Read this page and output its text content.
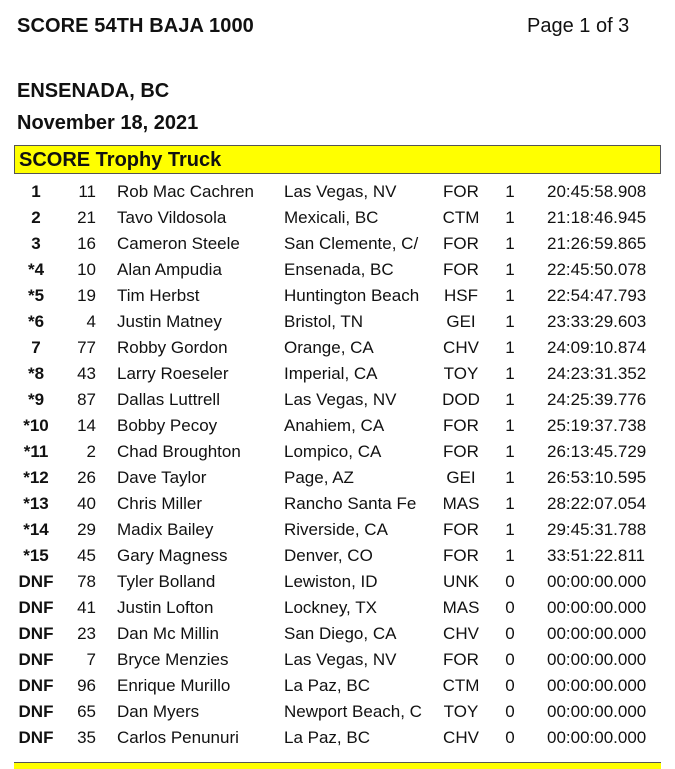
SCORE 54TH BAJA 1000	Page 1 of 3
ENSENADA, BC
November 18, 2021
SCORE Trophy Truck
1	11 Rob Mac Cachren	Las Vegas, NV	FOR	1	20:45:58.908
2	21 Tavo Vildosola	Mexicali, BC	CTM	1	21:18:46.945
3	16 Cameron Steele	San Clemente, C/	FOR	1	21:26:59.865
*4	10 Alan Ampudia	Ensenada, BC	FOR	1	22:45:50.078
*5	19 Tim Herbst	Huntington Beach	HSF	1	22:54:47.793
*6	4 Justin Matney	Bristol, TN	GEI	1	23:33:29.603
7	77 Robby Gordon	Orange, CA	CHV	1	24:09:10.874
*8	43 Larry Roeseler	Imperial, CA	TOY	1	24:23:31.352
*9	87 Dallas Luttrell	Las Vegas, NV	DOD	1	24:25:39.776
*10	14 Bobby Pecoy	Anahiem, CA	FOR	1	25:19:37.738
*11	2 Chad Broughton	Lompico, CA	FOR	1	26:13:45.729
*12	26 Dave Taylor	Page, AZ	GEI	1	26:53:10.595
*13	40 Chris Miller	Rancho Santa Fe	MAS	1	28:22:07.054
*14	29 Madix Bailey	Riverside, CA	FOR	1	29:45:31.788
*15	45 Gary Magness	Denver, CO	FOR	1	33:51:22.811
DNF	78 Tyler Bolland	Lewiston, ID	UNK	0	00:00:00.000
DNF	41 Justin Lofton	Lockney, TX	MAS	0	00:00:00.000
DNF	23 Dan Mc Millin	San Diego, CA	CHV	0	00:00:00.000
DNF	7 Bryce Menzies	Las Vegas, NV	FOR	0	00:00:00.000
DNF	96 Enrique Murillo	La Paz, BC	CTM	0	00:00:00.000
DNF	65 Dan Myers	Newport Beach, C	TOY	0	00:00:00.000
DNF	35 Carlos Penunuri	La Paz, BC	CHV	0	00:00:00.000
